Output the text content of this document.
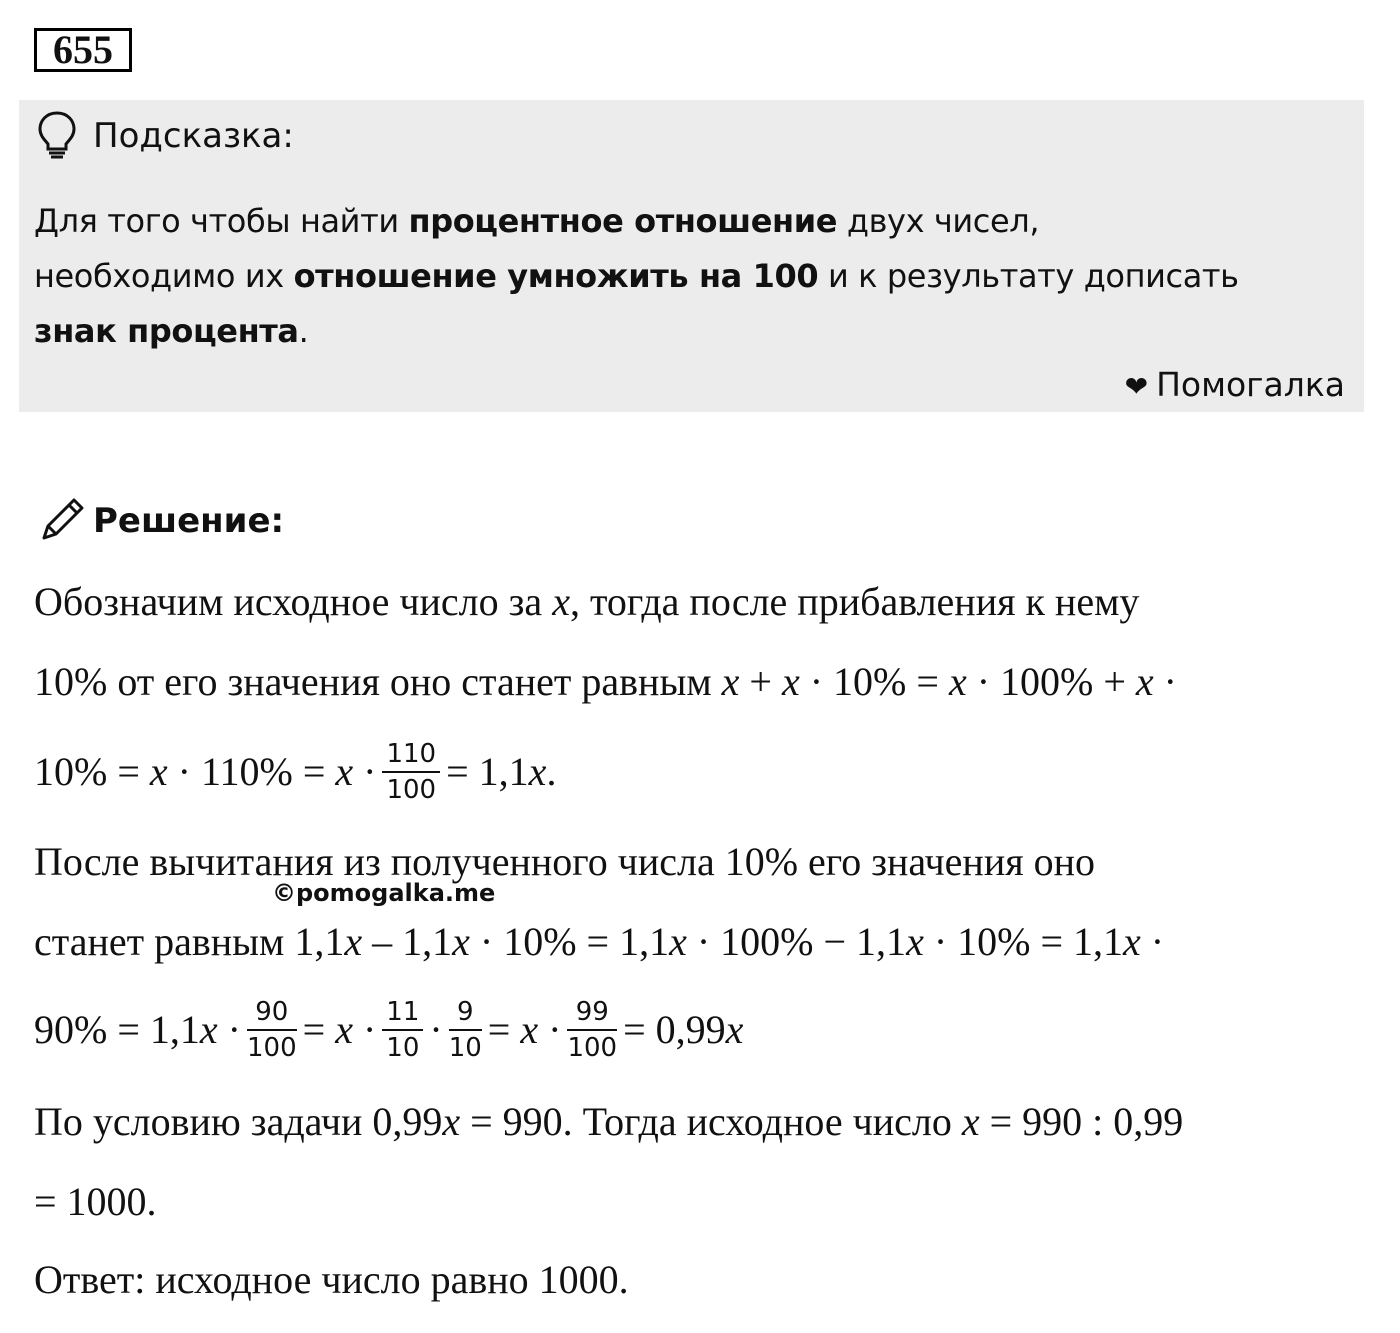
655
Подсказка:
Для того чтобы найти процентное отношение двух чисел,
необходимо их отношение умножить на 100 и к результату дописать
знак процента.
❤ Помогалка
Решение:
Обозначим исходное число за x, тогда после прибавления к нему
10% от его значения оно станет равным x + x · 10% = x · 100% + x ·
$10\% = x \cdot 110\% = x \cdot \frac{110}{100} = 1,1x$.
После вычитания из полученного числа 10% его значения оно
©pomogalka.me
станет равным 1,1x – 1,1x · 10% = 1,1x · 100% − 1,1x · 10% = 1,1x ·
$90\% = 1,1x \cdot \frac{90}{100} = x \cdot \frac{11}{10} \cdot \frac{9}{10} = x \cdot \frac{99}{100} = 0,99x$
По условию задачи 0,99x = 990. Тогда исходное число x = 990 : 0,99
= 1000.
Ответ: исходное число равно 1000.
